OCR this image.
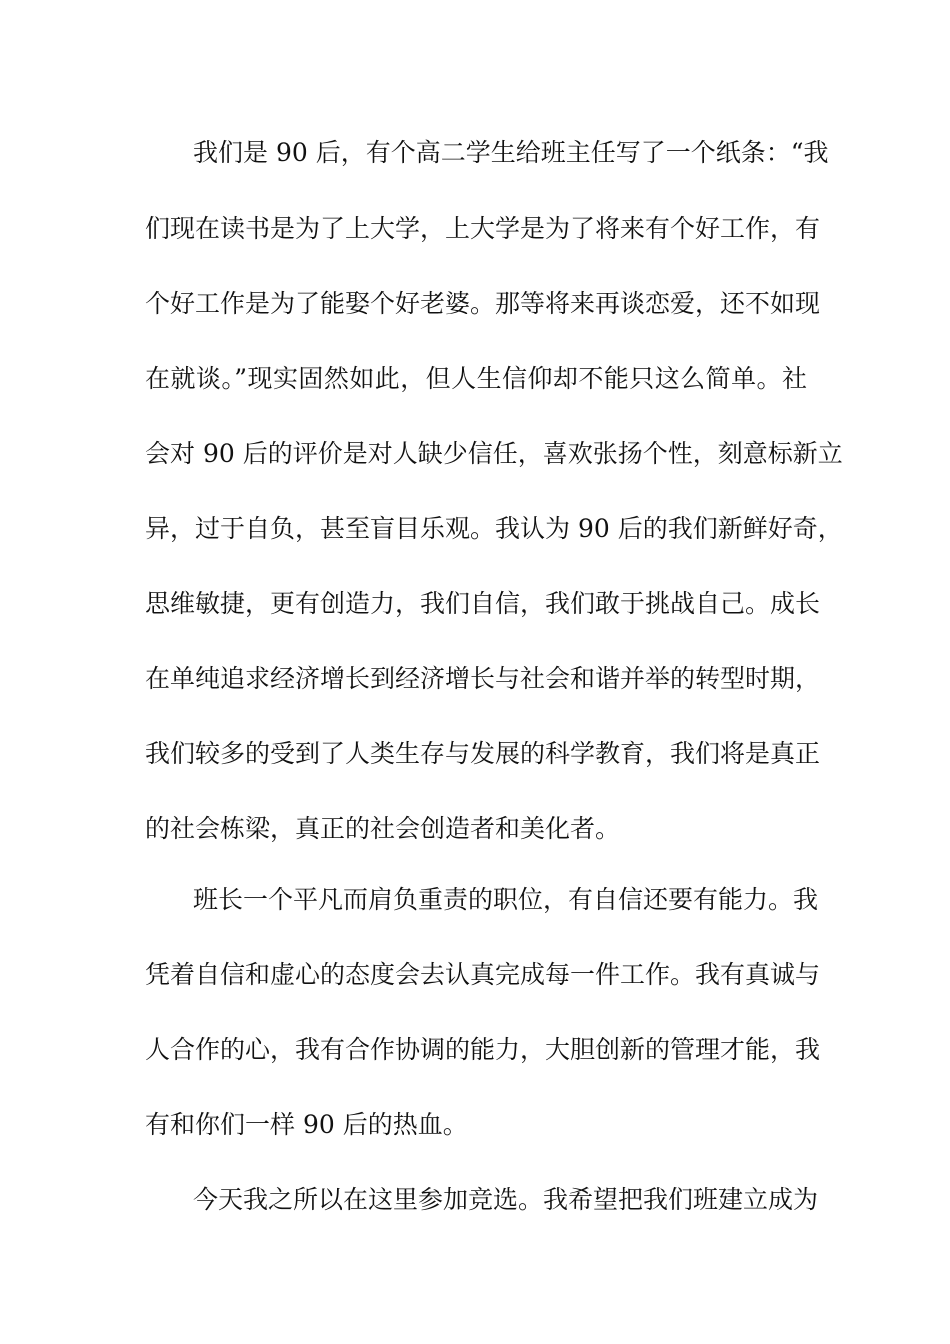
我们是 90 后，有个高二学生给班主任写了一个纸条：“我
们现在读书是为了上大学，上大学是为了将来有个好工作，有
个好工作是为了能娶个好老婆。那等将来再谈恋爱，还不如现
在就谈。”现实固然如此，但人生信仰却不能只这么简单。社
会对 90 后的评价是对人缺少信任，喜欢张扬个性，刻意标新立
异，过于自负，甚至盲目乐观。我认为 90 后的我们新鲜好奇，
思维敏捷，更有创造力，我们自信，我们敢于挑战自己。成长
在单纯追求经济增长到经济增长与社会和谐并举的转型时期，
我们较多的受到了人类生存与发展的科学教育，我们将是真正
的社会栋梁，真正的社会创造者和美化者。
班长一个平凡而肩负重责的职位，有自信还要有能力。我
凭着自信和虚心的态度会去认真完成每一件工作。我有真诚与
人合作的心，我有合作协调的能力，大胆创新的管理才能，我
有和你们一样 90 后的热血。
今天我之所以在这里参加竞选。我希望把我们班建立成为
